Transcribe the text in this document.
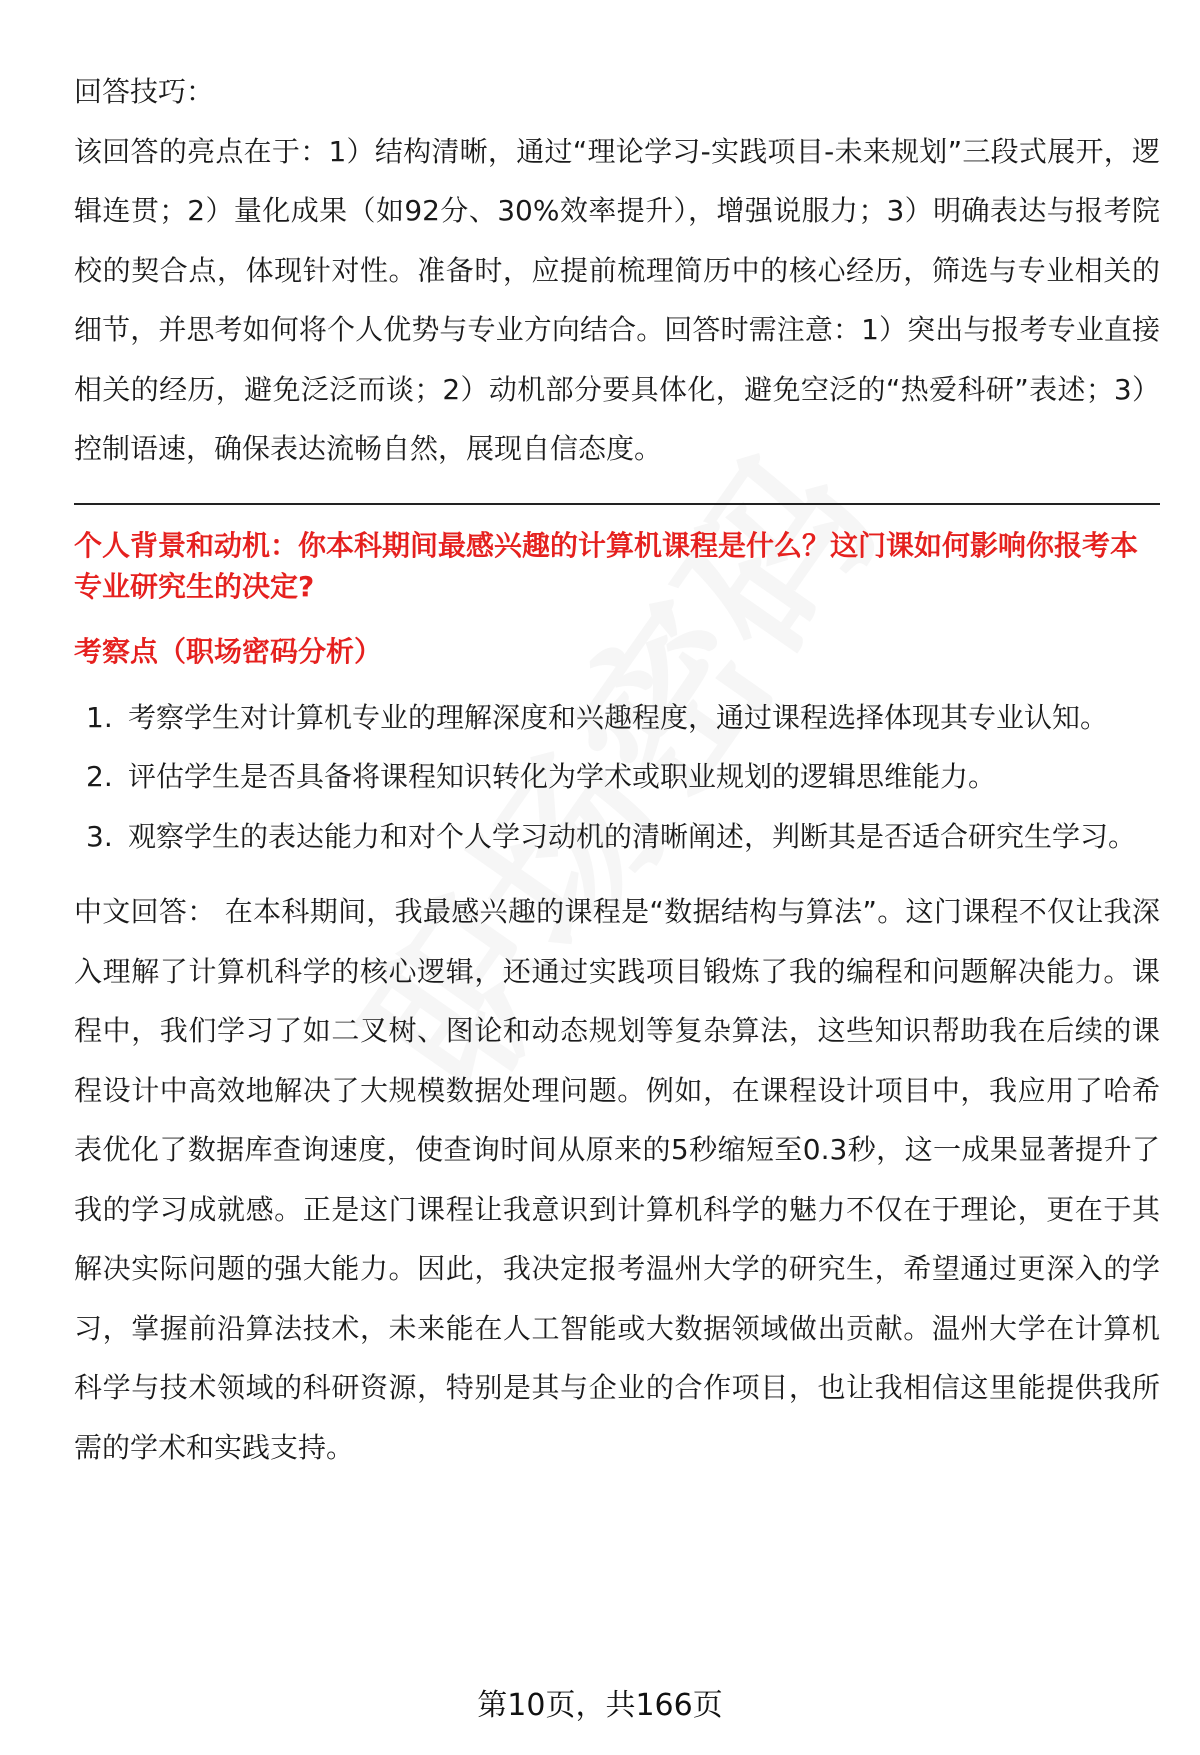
回答技巧：

该回答的亮点在于：1）结构清晰，通过“理论学习-实践项目-未来规划”三段式展开，逻辑连贯；2）量化成果（如92分、30%效率提升），增强说服力；3）明确表达与报考院校的契合点，体现针对性。准备时，应提前梳理简历中的核心经历，筛选与专业相关的细节，并思考如何将个人优势与专业方向结合。回答时需注意：1）突出与报考专业直接相关的经历，避免泛泛而谈；2）动机部分要具体化，避免空泛的“热爱科研”表述；3）控制语速，确保表达流畅自然，展现自信态度。

个人背景和动机：你本科期间最感兴趣的计算机课程是什么？这门课如何影响你报考本专业研究生的决定?

考察点（职场密码分析）

1. 考察学生对计算机专业的理解深度和兴趣程度，通过课程选择体现其专业认知。
2. 评估学生是否具备将课程知识转化为学术或职业规划的逻辑思维能力。
3. 观察学生的表达能力和对个人学习动机的清晰阐述，判断其是否适合研究生学习。

中文回答： 在本科期间，我最感兴趣的课程是“数据结构与算法”。这门课程不仅让我深入理解了计算机科学的核心逻辑，还通过实践项目锻炼了我的编程和问题解决能力。课程中，我们学习了如二叉树、图论和动态规划等复杂算法，这些知识帮助我在后续的课程设计中高效地解决了大规模数据处理问题。例如，在课程设计项目中，我应用了哈希表优化了数据库查询速度，使查询时间从原来的5秒缩短至0.3秒，这一成果显著提升了我的学习成就感。正是这门课程让我意识到计算机科学的魅力不仅在于理论，更在于其解决实际问题的强大能力。因此，我决定报考温州大学的研究生，希望通过更深入的学习，掌握前沿算法技术，未来能在人工智能或大数据领域做出贡献。温州大学在计算机科学与技术领域的科研资源，特别是其与企业的合作项目，也让我相信这里能提供我所需的学术和实践支持。

第10页，共166页
